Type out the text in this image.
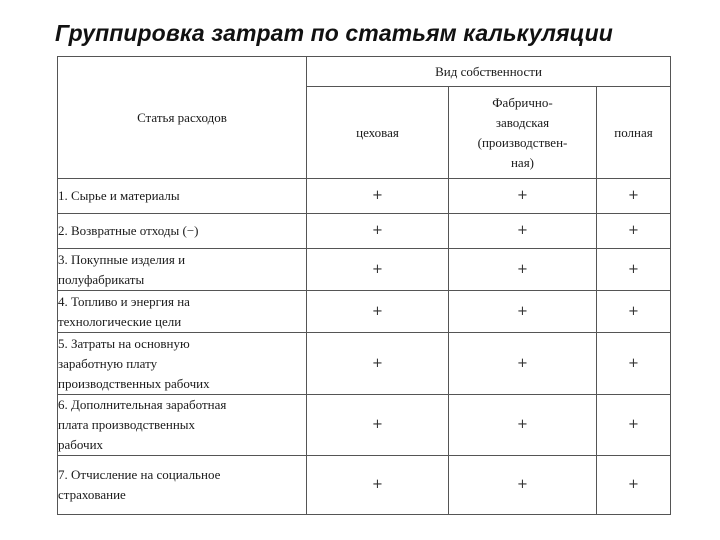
Группировка затрат по статьям калькуляции
Статья расходов	Вид собственности		
	цеховая	Фабрично-
заводская
(производствен-
ная)	полная

1. Сырье и материалы	+	+	+

2. Возвратные отходы (−)	+	+	+

3. Покупные изделия и
полуфабрикаты	+	+	+

4. Топливо и энергия на
технологические цели	+	+	+

5. Затраты на основную
заработную плату
производственных рабочих	+	+	+

6. Дополнительная заработная
плата производственных
рабочих	+	+	+

7. Отчисление на социальное
страхование	+	+	+
